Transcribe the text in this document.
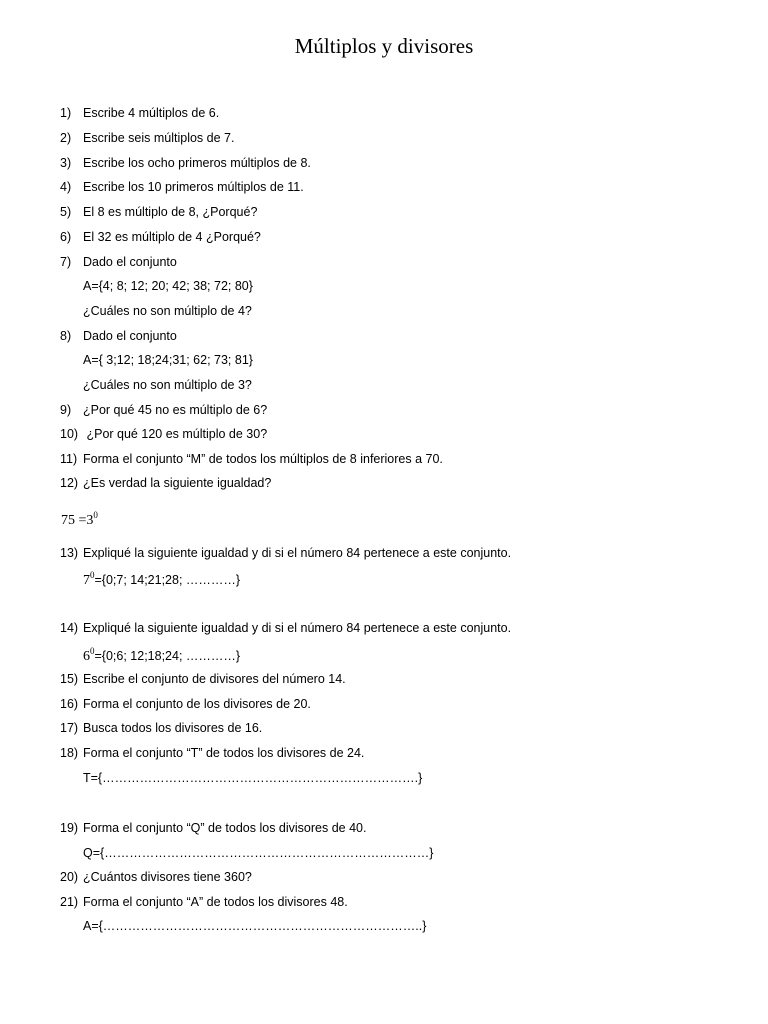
Múltiplos y divisores
1) Escribe 4 múltiplos de 6.
2) Escribe seis múltiplos de 7.
3) Escribe los ocho primeros múltiplos de 8.
4) Escribe los 10 primeros múltiplos de 11.
5) El 8 es múltiplo de 8, ¿Porqué?
6) El 32 es múltiplo de 4 ¿Porqué?
7) Dado el conjunto
A={4; 8; 12; 20; 42; 38; 72; 80}
¿Cuáles no son múltiplo de 4?
8) Dado el conjunto
A={ 3;12; 18;24;31; 62; 73; 81}
¿Cuáles no son múltiplo de 3?
9) ¿Por qué 45 no es múltiplo de 6?
10) ¿Por qué 120 es múltiplo de 30?
11) Forma el conjunto “M” de todos los múltiplos de 8 inferiores a 70.
12) ¿Es verdad la siguiente igualdad?
$75 =3^0$
13) Expliqué la siguiente igualdad y di si el número 84 pertenece a este conjunto.
$7^0=\{0;7$; 14;21;28; …………}
14) Expliqué la siguiente igualdad y di si el número 84 pertenece a este conjunto.
$6^0=\{0;6$; 12;18;24; …………}
15) Escribe el conjunto de divisores del número 14.
16) Forma el conjunto de los divisores de 20.
17) Busca todos los divisores de 16.
18) Forma el conjunto “T” de todos los divisores de 24.
T={………………………………………………………………….}
19) Forma el conjunto “Q” de todos los divisores de 40.
Q={……………………………………………………………………}
20) ¿Cuántos divisores tiene 360?
21) Forma el conjunto “A” de todos los divisores 48.
A={…………………………………………………………………..}
